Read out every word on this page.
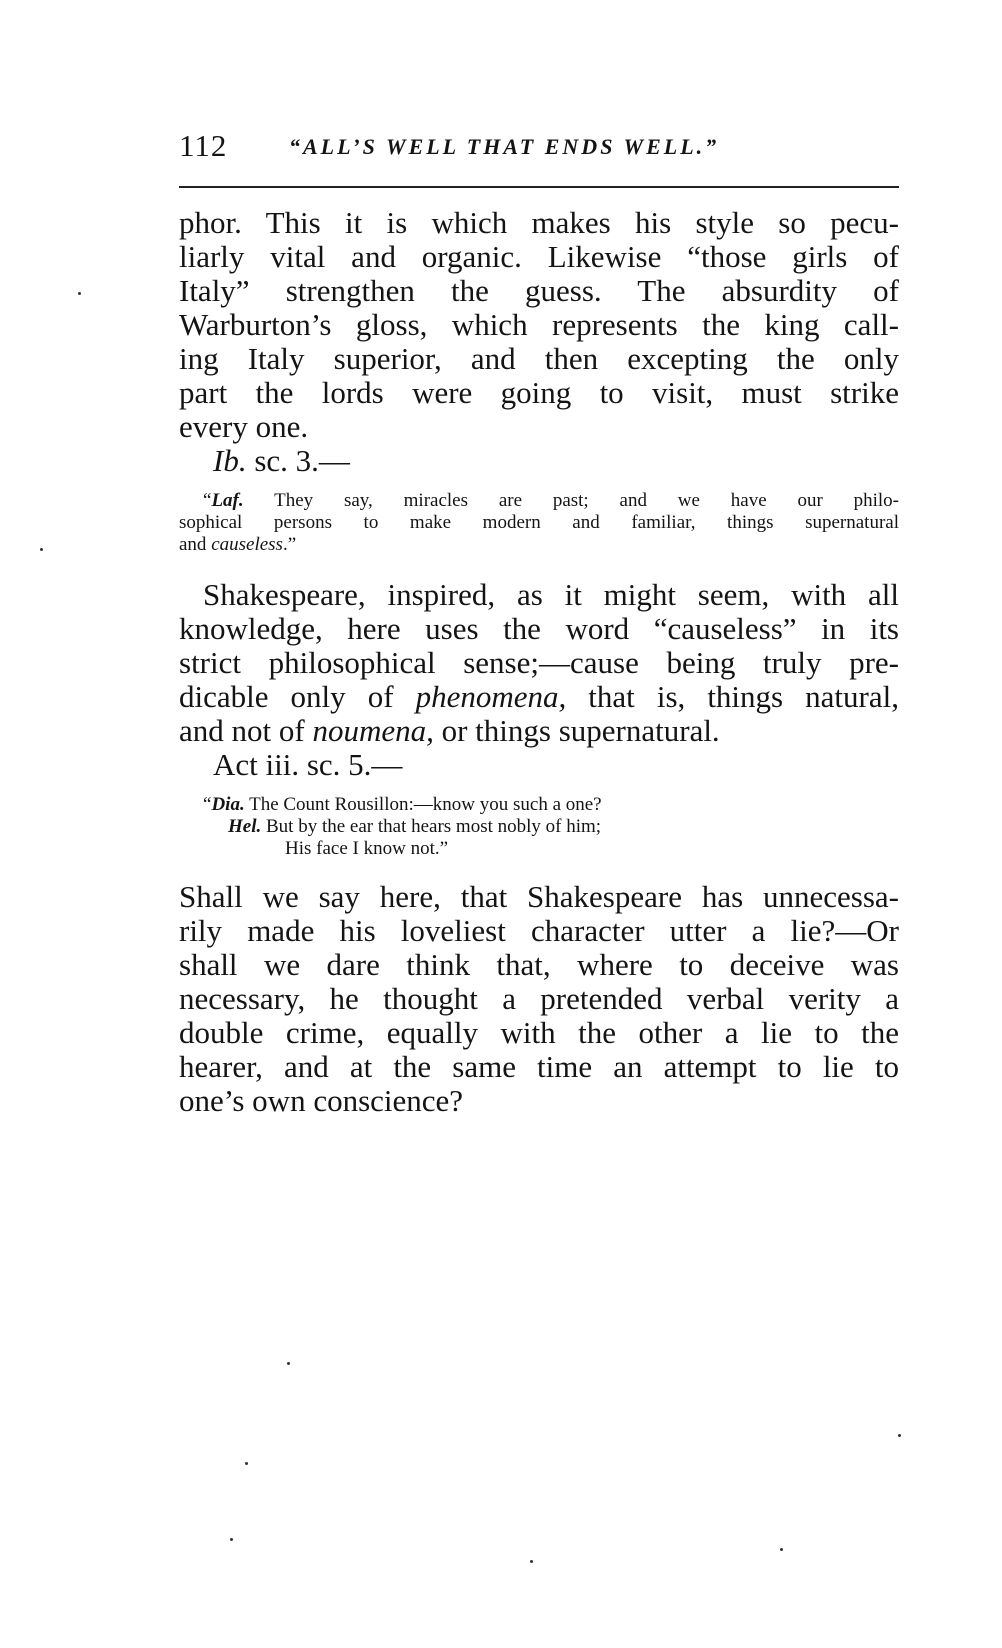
112	“ALL’S WELL THAT ENDS WELL.”
phor. This it is which makes his style so pecu-
liarly vital and organic. Likewise “those girls of
Italy” strengthen the guess. The absurdity of
Warburton’s gloss, which represents the king call-
ing Italy superior, and then excepting the only
part the lords were going to visit, must strike
every one.
Ib. sc. 3.—
“Laf. They say, miracles are past; and we have our philo-
sophical persons to make modern and familiar, things supernatural
and causeless.”
Shakespeare, inspired, as it might seem, with all
knowledge, here uses the word “causeless” in its
strict philosophical sense;—cause being truly pre-
dicable only of phenomena, that is, things natural,
and not of noumena, or things supernatural.
Act iii. sc. 5.—
“Dia. The Count Rousillon:—know you such a one?
Hel. But by the ear that hears most nobly of him;
His face I know not.”
Shall we say here, that Shakespeare has unnecessa-
rily made his loveliest character utter a lie?—Or
shall we dare think that, where to deceive was
necessary, he thought a pretended verbal verity a
double crime, equally with the other a lie to the
hearer, and at the same time an attempt to lie to
one’s own conscience?
